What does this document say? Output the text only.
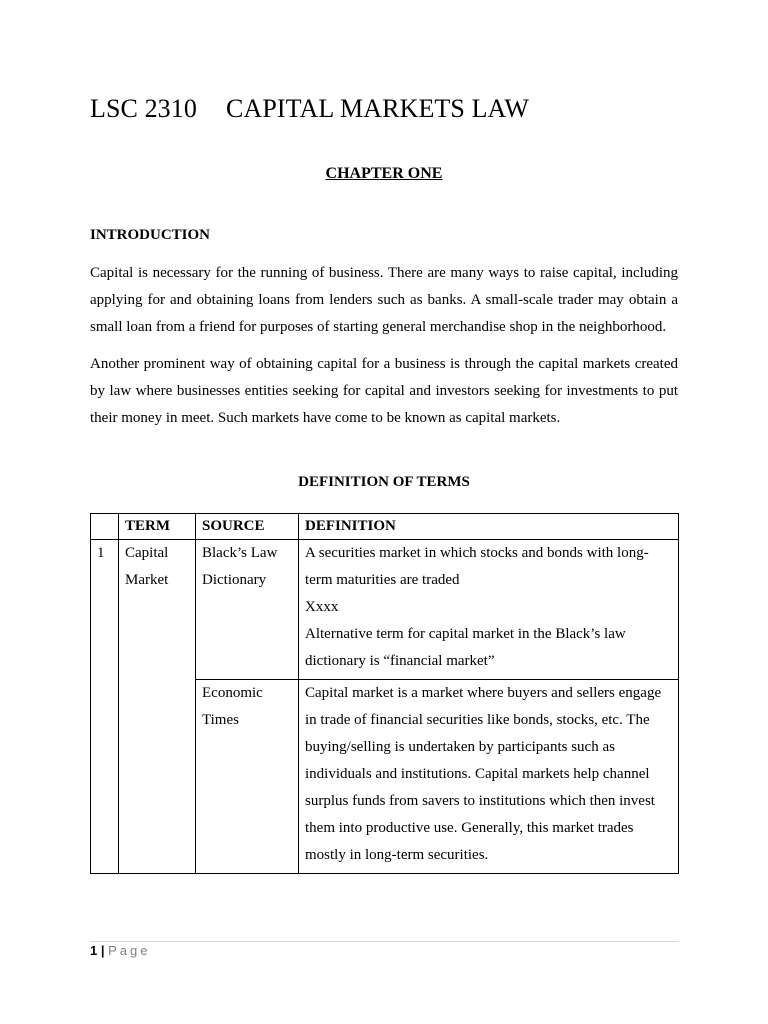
LSC 2310 CAPITAL MARKETS LAW
CHAPTER ONE
INTRODUCTION

Capital is necessary for the running of business. There are many ways to raise capital, including applying for and obtaining loans from lenders such as banks. A small-scale trader may obtain a small loan from a friend for purposes of starting general merchandise shop in the neighborhood.

Another prominent way of obtaining capital for a business is through the capital markets created by law where businesses entities seeking for capital and investors seeking for investments to put their money in meet. Such markets have come to be known as capital markets.

DEFINITION OF TERMS
	TERM	SOURCE	DEFINITION
1	Capital Market	Black’s Law Dictionary	A securities market in which stocks and bonds with long-term maturities are traded
Xxxx
Alternative term for capital market in the Black’s law dictionary is “financial market”

		Economic Times	Capital market is a market where buyers and sellers engage in trade of financial securities like bonds, stocks, etc. The buying/selling is undertaken by participants such as individuals and institutions. Capital markets help channel surplus funds from savers to institutions which then invest them into productive use. Generally, this market trades mostly in long-term securities.
1 | Page
